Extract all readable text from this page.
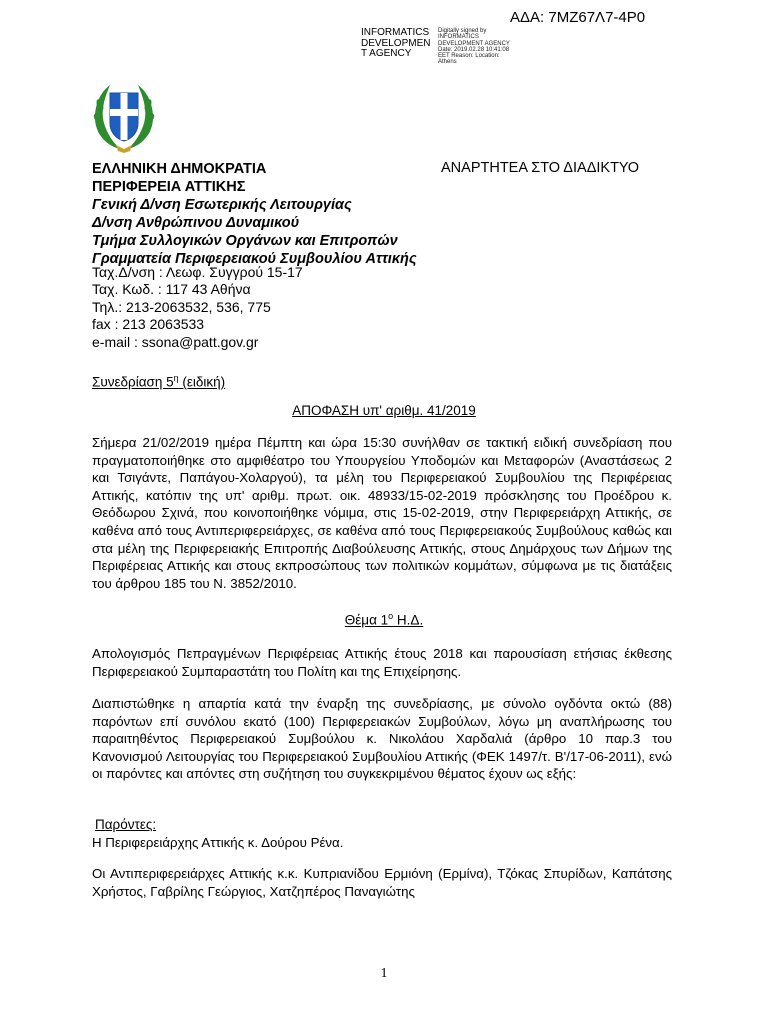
ΑΔΑ: 7ΜΖ67Λ7-4Ρ0
INFORMATICS DEVELOPMENT AGENCY
Digitally signed by INFORMATICS DEVELOPMENT AGENCY Date: 2019.02.28 10:41:08 EET Reason: Location: Athens
ΕΛΛΗΝΙΚΗ ΔΗΜΟΚΡΑΤΙΑ
ΠΕΡΙΦΕΡΕΙΑ ΑΤΤΙΚΗΣ
Γενική Δ/νση Εσωτερικής Λειτουργίας
Δ/νση Ανθρώπινου Δυναμικού
Τμήμα Συλλογικών Οργάνων και Επιτροπών
Γραμματεία Περιφερειακού Συμβουλίου Αττικής
ΑΝΑΡΤΗΤΕΑ ΣΤΟ ΔΙΑΔΙΚΤΥΟ
Ταχ.Δ/νση : Λεωφ. Συγγρού 15-17
Ταχ. Κωδ. : 117 43 Αθήνα
Τηλ.: 213-2063532, 536, 775
fax : 213 2063533
e-mail : ssona@patt.gov.gr
Συνεδρίαση $5^\eta$ (ειδική)
ΑΠΟΦΑΣΗ υπ' αριθμ. 41/2019
Σήμερα 21/02/2019 ημέρα Πέμπτη και ώρα 15:30 συνήλθαν σε τακτική ειδική συνεδρίαση που πραγματοποιήθηκε στο αμφιθέατρο του Υπουργείου Υποδομών και Μεταφορών (Αναστάσεως 2 και Τσιγάντε, Παπάγου-Χολαργού), τα μέλη του Περιφερειακού Συμβουλίου της Περιφέρειας Αττικής, κατόπιν της υπ' αριθμ. πρωτ. οικ. 48933/15-02-2019 πρόσκλησης του Προέδρου κ. Θεόδωρου Σχινά, που κοινοποιήθηκε νόμιμα, στις 15-02-2019, στην Περιφερειάρχη Αττικής, σε καθένα από τους Αντιπεριφερειάρχες, σε καθένα από τους Περιφερειακούς Συμβούλους καθώς και στα μέλη της Περιφερειακής Επιτροπής Διαβούλευσης Αττικής, στους Δημάρχους των Δήμων της Περιφέρειας Αττικής και στους εκπροσώπους των πολιτικών κομμάτων, σύμφωνα με τις διατάξεις του άρθρου 185 του Ν. 3852/2010.
Θέμα $1^o$ Η.Δ.
Απολογισμός Πεπραγμένων Περιφέρειας Αττικής έτους 2018 και παρουσίαση ετήσιας έκθεσης Περιφερειακού Συμπαραστάτη του Πολίτη και της Επιχείρησης.
Διαπιστώθηκε η απαρτία κατά την έναρξη της συνεδρίασης, με σύνολο ογδόντα οκτώ (88) παρόντων επί συνόλου εκατό (100) Περιφερειακών Συμβούλων, λόγω μη αναπλήρωσης του παραιτηθέντος Περιφερειακού Συμβούλου κ. Νικολάου Χαρδαλιά (άρθρο 10 παρ.3 του Κανονισμού Λειτουργίας του Περιφερειακού Συμβουλίου Αττικής (ΦΕΚ 1497/τ. Β'/17-06-2011), ενώ οι παρόντες και απόντες στη συζήτηση του συγκεκριμένου θέματος έχουν ως εξής:
Παρόντες:
Η Περιφερειάρχης Αττικής κ. Δούρου Ρένα.
Οι Αντιπεριφερειάρχες Αττικής κ.κ. Κυπριανίδου Ερμιόνη (Ερμίνα), Τζόκας Σπυρίδων, Καπάτσης Χρήστος, Γαβρίλης Γεώργιος, Χατζηπέρος Παναγιώτης
1
